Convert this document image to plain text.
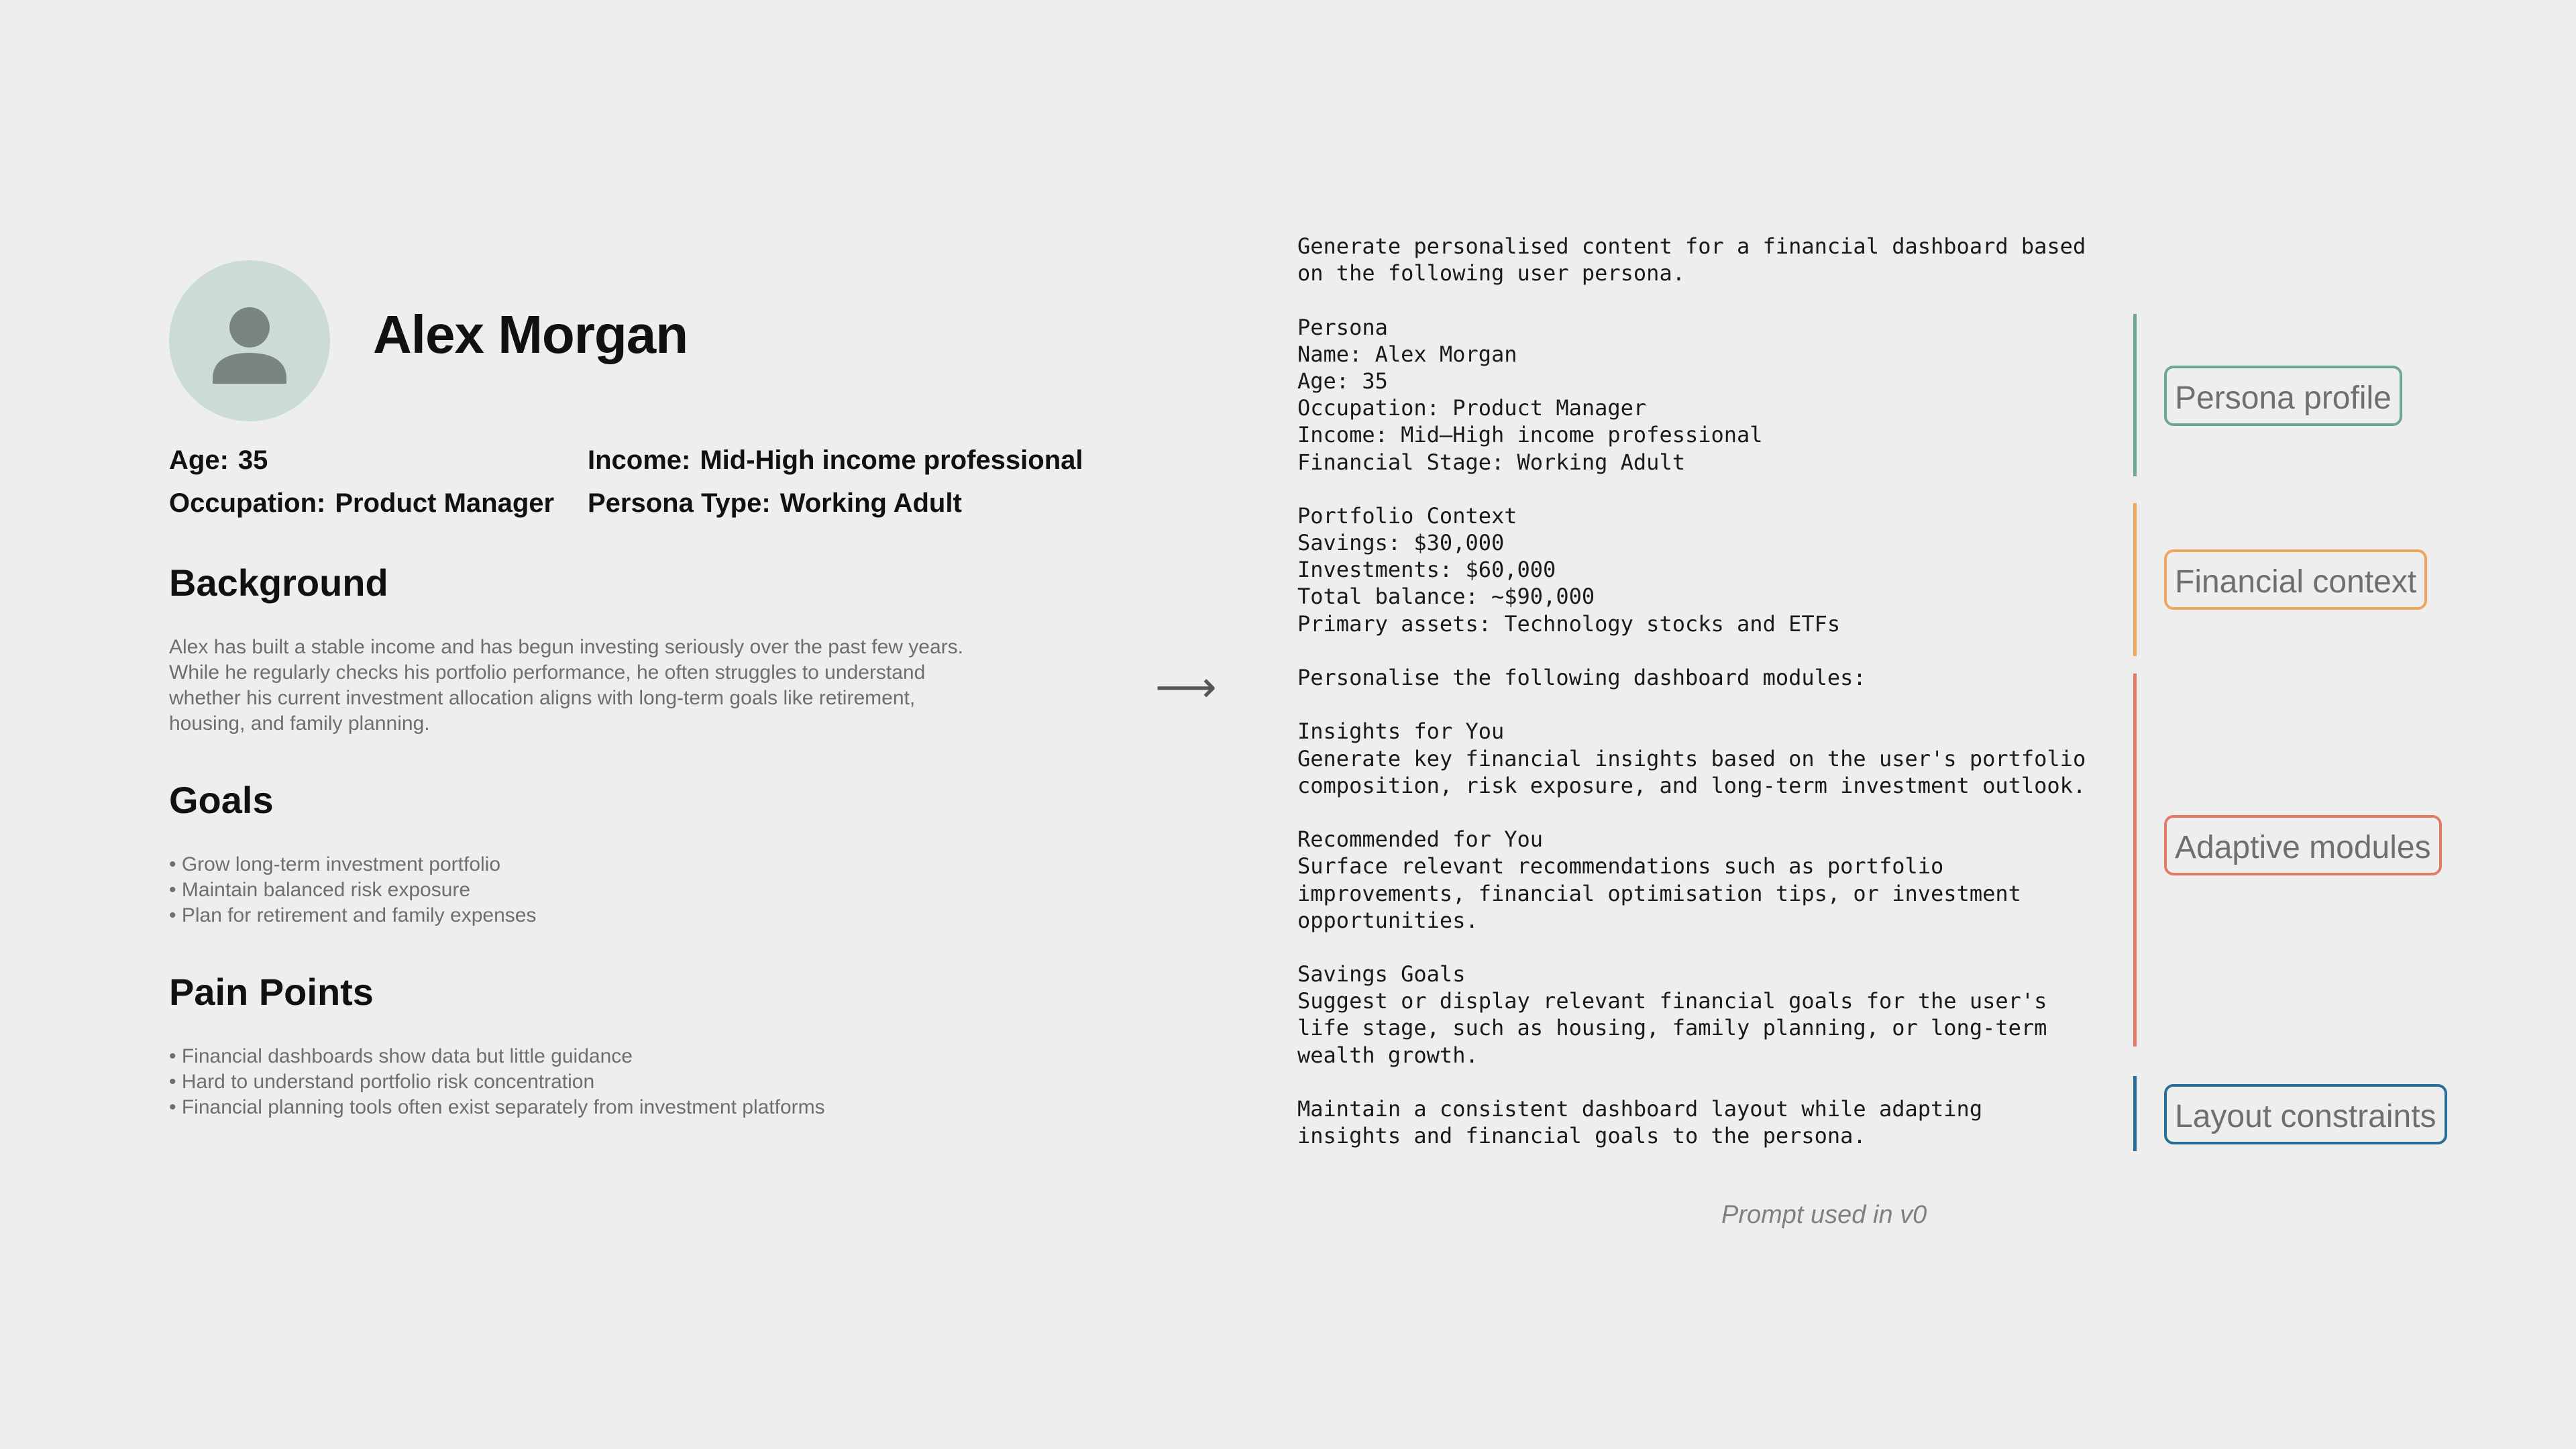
Alex Morgan
Age: 35
Occupation: Product Manager
Income: Mid-High income professional
Persona Type: Working Adult
Background

Alex has built a stable income and has begun investing seriously over the past few years.
While he regularly checks his portfolio performance, he often struggles to understand
whether his current investment allocation aligns with long-term goals like retirement,
housing, and family planning.

Goals
• Grow long-term investment portfolio
• Maintain balanced risk exposure
• Plan for retirement and family expenses
Pain Points
• Financial dashboards show data but little guidance
• Hard to understand portfolio risk concentration
• Financial planning tools often exist separately from investment platforms
⟶
Generate personalised content for a financial dashboard based
on the following user persona.
Persona
Name: Alex Morgan
Age: 35
Occupation: Product Manager
Income: Mid–High income professional
Financial Stage: Working Adult
Portfolio Context
Savings: $30,000
Investments: $60,000
Total balance: ~$90,000
Primary assets: Technology stocks and ETFs
Personalise the following dashboard modules:
Insights for You
Generate key financial insights based on the user's portfolio
composition, risk exposure, and long-term investment outlook.
Recommended for You
Surface relevant recommendations such as portfolio
improvements, financial optimisation tips, or investment
opportunities.
Savings Goals
Suggest or display relevant financial goals for the user's
life stage, such as housing, family planning, or long-term
wealth growth.
Maintain a consistent dashboard layout while adapting
insights and financial goals to the persona.
Persona profile
Financial context
Adaptive modules
Layout constraints
Prompt used in v0
